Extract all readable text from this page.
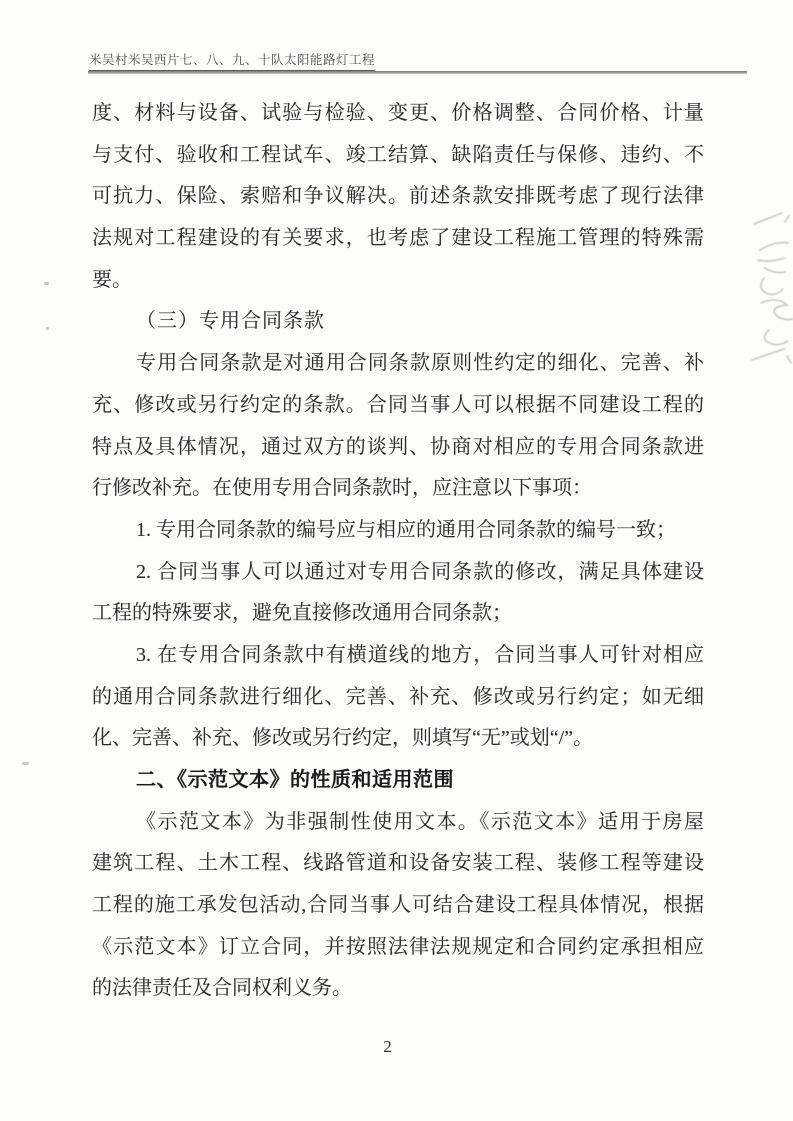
米吴村米吴西片七、八、九、十队太阳能路灯工程
度、材料与设备、试验与检验、变更、价格调整、合同价格、计量
与支付、验收和工程试车、竣工结算、缺陷责任与保修、违约、不
可抗力、保险、索赔和争议解决。前述条款安排既考虑了现行法律
法规对工程建设的有关要求，也考虑了建设工程施工管理的特殊需
要。
（三）专用合同条款
专用合同条款是对通用合同条款原则性约定的细化、完善、补
充、修改或另行约定的条款。合同当事人可以根据不同建设工程的
特点及具体情况，通过双方的谈判、协商对相应的专用合同条款进
行修改补充。在使用专用合同条款时，应注意以下事项：
1. 专用合同条款的编号应与相应的通用合同条款的编号一致；
2. 合同当事人可以通过对专用合同条款的修改，满足具体建设
工程的特殊要求，避免直接修改通用合同条款；
3. 在专用合同条款中有横道线的地方，合同当事人可针对相应
的通用合同条款进行细化、完善、补充、修改或另行约定；如无细
化、完善、补充、修改或另行约定，则填写“无”或划“/”。
二、《示范文本》的性质和适用范围
《示范文本》为非强制性使用文本。《示范文本》适用于房屋
建筑工程、土木工程、线路管道和设备安装工程、装修工程等建设
工程的施工承发包活动,合同当事人可结合建设工程具体情况，根据
《示范文本》订立合同，并按照法律法规规定和合同约定承担相应
的法律责任及合同权利义务。
2
